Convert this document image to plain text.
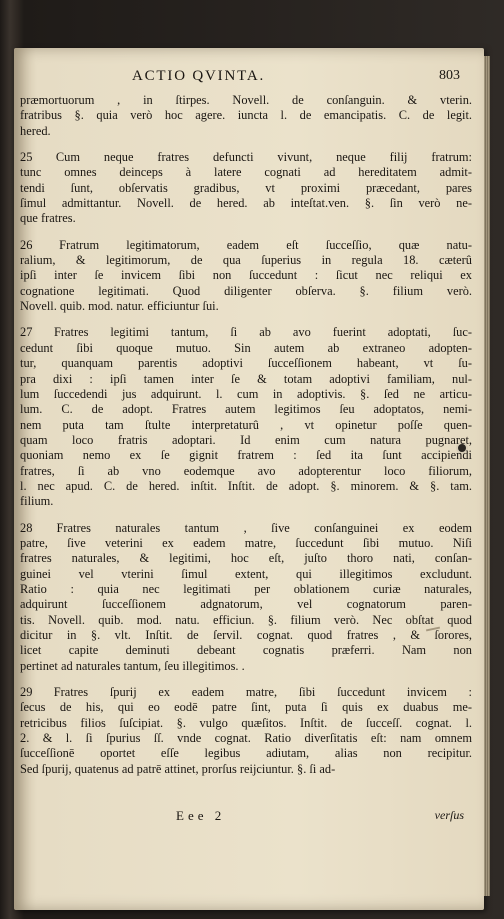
ACTIO QVINTA.	803
præmortuorum , in ſtirpes. Novell. de conſanguin. & vterin.
fratribus §. quia verò hoc agere. iuncta l. de emancipatis. C. de legit.
hered.
25 Cum neque fratres defuncti vivunt, neque filij fratrum:
tunc omnes deinceps à latere cognati ad hereditatem admit-
tendi ſunt, obſervatis gradibus, vt proximi præcedant, pares
ſimul admittantur. Novell. de hered. ab inteſtat.ven. §. ſin verò ne-
que fratres.
26 Fratrum legitimatorum, eadem eſt ſucceſſio, quæ natu-
ralium, & legitimorum, de qua ſuperius in regula 18. cæterû
ipſi inter ſe invicem ſibi non ſuccedunt : ſicut nec reliqui ex
cognatione legitimati. Quod diligenter obſerva. §. filium verò.
Novell. quib. mod. natur. efficiuntur ſui.
27 Fratres legitimi tantum, ſi ab avo fuerint adoptati, ſuc-
cedunt ſibi quoque mutuo. Sin autem ab extraneo adopten-
tur, quanquam parentis adoptivi ſucceſſionem habeant, vt ſu-
pra dixi : ipſi tamen inter ſe & totam adoptivi familiam, nul-
lum ſuccedendi jus adquirunt. l. cum in adoptivis. §. ſed ne articu-
lum. C. de adopt. Fratres autem legitimos ſeu adoptatos, nemi-
nem puta tam ſtulte interpretaturû , vt opinetur poſſe quen-
quam loco fratris adoptari. Id enim cum natura pugnaret,
quoniam nemo ex ſe gignit fratrem : ſed ita ſunt accipiendi
fratres, ſi ab vno eodemque avo adopterentur loco filiorum,
l. nec apud. C. de hered. inſtit. Inſtit. de adopt. §. minorem. & §. tam.
filium.
28 Fratres naturales tantum , ſive conſanguinei ex eodem
patre, ſive veterini ex eadem matre, ſuccedunt ſibi mutuo. Niſi
fratres naturales, & legitimi, hoc eſt, juſto thoro nati, conſan-
guinei vel vterini ſimul extent, qui illegitimos excludunt.
Ratio : quia nec legitimati per oblationem curiæ naturales,
adquirunt ſucceſſionem adgnatorum, vel cognatorum paren-
tis. Novell. quib. mod. natu. efficiun. §. filium verò. Nec obſtat quod
dicitur in §. vlt. Inſtit. de ſervil. cognat. quod fratres , & ſorores,
licet capite deminuti debeant cognatis præferri. Nam non
pertinet ad naturales tantum, ſeu illegitimos. .
29 Fratres ſpurij ex eadem matre, ſibi ſuccedunt invicem :
ſecus de his, qui eo eodē patre ſint, puta ſi quis ex duabus me-
retricibus filios ſuſcipiat. §. vulgo quæſitos. Inſtit. de ſucceſſ. cognat. l.
2. & l. ſi ſpurius ſſ. vnde cognat. Ratio diverſitatis eſt: nam omnem
ſucceſſionē oportet eſſe legibus adiutam, alias non recipitur.
Sed ſpurij, quatenus ad patrē attinet, prorſus reijciuntur. §. ſi ad-
Eee 2	verſus
